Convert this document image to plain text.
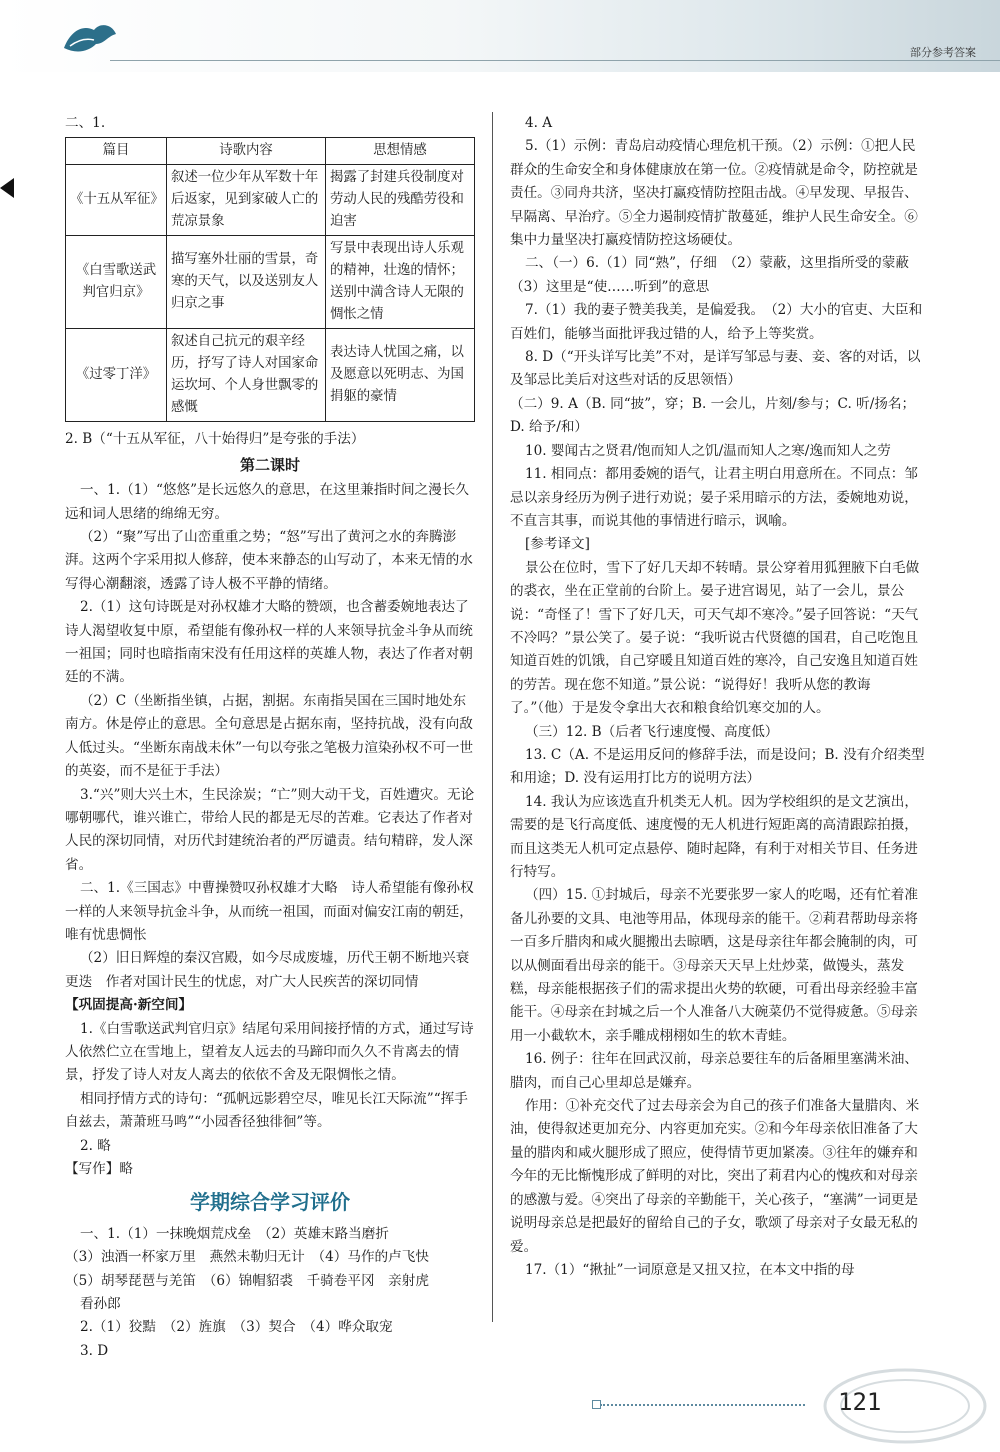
部分参考答案

二、1.

篇目	诗歌内容	思想情感
《十五从军征》	叙述一位少年从军数十年后返家，见到家破人亡的荒凉景象	揭露了封建兵役制度对劳动人民的残酷劳役和迫害
《白雪歌送武判官归京》	描写塞外壮丽的雪景，奇寒的天气，以及送别友人归京之事	写景中表现出诗人乐观的精神，壮逸的情怀；送别中満含诗人无限的惆怅之情
《过零丁洋》	叙述自己抗元的艰辛经历，抒写了诗人对国家命运坎坷、个人身世飘零的感慨	表达诗人忧国之痛，以及愿意以死明志、为国捐躯的豪情

2. B（“十五从军征，八十始得归”是夸张的手法）

第二课时

一、1.（1）“悠悠”是长远悠久的意思，在这里兼指时间之漫长久远和词人思绪的绵绵无穷。

（2）“聚”写出了山峦重重之势；“怒”写出了黄河之水的奔腾澎湃。这两个字采用拟人修辞，使本来静态的山写动了，本来无情的水写得心潮翻滚，透露了诗人极不平静的情绪。

2.（1）这句诗既是对孙权雄才大略的赞颂，也含蓄委婉地表达了诗人渴望收复中原，希望能有像孙权一样的人来领导抗金斗争从而统一祖国；同时也暗指南宋没有任用这样的英雄人物，表达了作者对朝廷的不满。

（2）C（坐断指坐镇，占据，割据。东南指吴国在三国时地处东南方。休是停止的意思。全句意思是占据东南，坚持抗战，没有向敌人低过头。“坐断东南战未休”一句以夸张之笔极力渲染孙权不可一世的英姿，而不是征于手法）

3.“兴”则大兴土木，生民涂炭；“亡”则大动干戈，百姓遭灾。无论哪朝哪代，谁兴谁亡，带给人民的都是无尽的苦难。它表达了作者对人民的深切同情，对历代封建统治者的严厉谴责。结句精辟，发人深省。

二、1.《三国志》中曹操赞叹孙权雄才大略　诗人希望能有像孙权一样的人来领导抗金斗争，从而统一祖国，而面对偏安江南的朝廷，唯有忧患惆怅

（2）旧日辉煌的秦汉宫殿，如今尽成废墟，历代王朝不断地兴衰更迭　作者对国计民生的忧虑，对广大人民疾苦的深切同情

【巩固提高·新空间】

1.《白雪歌送武判官归京》结尾句采用间接抒情的方式，通过写诗人依然伫立在雪地上，望着友人远去的马蹄印而久久不肯离去的情景，抒发了诗人对友人离去的依依不舍及无限惆怅之情。

相同抒情方式的诗句：“孤帆远影碧空尽，唯见长江天际流”“挥手自兹去，萧萧班马鸣”“小园香径独徘徊”等。

2. 略

【写作】略

学期综合学习评价

一、1.（1）一抹晚烟荒戍垒　（2）英雄末路当磨折

（3）浊酒一杯家万里　燕然未勒归无计　（4）马作的卢飞快

（5）胡琴琵琶与羌笛　（6）锦帽貂裘　千骑卷平冈　亲射虎

看孙郎

2.（1）狡黠　（2）旌旗　（3）契合　（4）哗众取宠

3. D

4. A

5.（1）示例：青岛启动疫情心理危机干预。（2）示例：①把人民群众的生命安全和身体健康放在第一位。②疫情就是命令，防控就是责任。③同舟共济，坚决打赢疫情防控阻击战。④早发现、早报告、早隔离、早治疗。⑤全力遏制疫情扩散蔓延，维护人民生命安全。⑥集中力量坚决打赢疫情防控这场硬仗。

二、（一）6.（1）同“熟”，仔细　（2）蒙蔽，这里指所受的蒙蔽　（3）这里是“使……听到”的意思

7.（1）我的妻子赞美我美，是偏爱我。　（2）大小的官吏、大臣和百姓们，能够当面批评我过错的人，给予上等奖赏。

8. D（“开头详写比美”不对，是详写邹忌与妻、妾、客的对话，以及邹忌比美后对这些对话的反思领悟）

（二）9. A（B. 同“披”，穿；B. 一会儿，片刻/参与；C. 听/扬名；D. 给予/和）

10. 婴闻古之贤君/饱而知人之饥/温而知人之寒/逸而知人之劳

11. 相同点：都用委婉的语气，让君主明白用意所在。不同点：邹忌以亲身经历为例子进行劝说；晏子采用暗示的方法，委婉地劝说，不直言其事，而说其他的事情进行暗示，讽喻。

[参考译文]

景公在位时，雪下了好几天却不转晴。景公穿着用狐狸腋下白毛做的裘衣，坐在正堂前的台阶上。晏子进宫谒见，站了一会儿，景公说：“奇怪了！雪下了好几天，可天气却不寒冷。”晏子回答说：“天气不冷吗？”景公笑了。晏子说：“我听说古代贤德的国君，自己吃饱且知道百姓的饥饿，自己穿暖且知道百姓的寒冷，自己安逸且知道百姓的劳苦。现在您不知道。”景公说：“说得好！我听从您的教诲了。”（他）于是发令拿出大衣和粮食给饥寒交加的人。

（三）12. B（后者飞行速度慢、高度低）

13. C（A. 不是运用反问的修辞手法，而是设问；B. 没有介绍类型和用途；D. 没有运用打比方的说明方法）

14. 我认为应该选直升机类无人机。因为学校组织的是文艺演出，需要的是飞行高度低、速度慢的无人机进行短距离的高清跟踪拍摄，而且这类无人机可定点悬停、随时起降，有利于对相关节目、任务进行特写。

（四）15. ①封城后，母亲不光要张罗一家人的吃喝，还有忙着准备儿孙要的文具、电池等用品，体现母亲的能干。②莉君帮助母亲将一百多斤腊肉和咸火腿搬出去晾晒，这是母亲往年都会腌制的肉，可以从侧面看出母亲的能干。③母亲天天早上灶炒菜，做馒头，蒸发糕，母亲能根据孩子们的需求提出火势的软硬，可看出母亲经验丰富能干。④母亲在封城之后一个人准备八大碗菜仍不觉得疲惫。⑤母亲用一小截软木，亲手雕成栩栩如生的软木青蛙。

16. 例子：往年在回武汉前，母亲总要往车的后备厢里塞满米油、腊肉，而自己心里却总是嫌弃。

作用：①补充交代了过去母亲会为自己的孩子们准备大量腊肉、米油，使得叙述更加充分、内容更加充实。②和今年母亲依旧准备了大量的腊肉和咸火腿形成了照应，使得情节更加紧凑。③往年的嫌弃和今年的无比惭愧形成了鲜明的对比，突出了莉君内心的愧疚和对母亲的感激与爱。④突出了母亲的辛勤能干，关心孩子，“塞满”一词更是说明母亲总是把最好的留给自己的子女，歌颂了母亲对子女最无私的爱。

17.（1）“揪扯”一词原意是又扭又拉，在本文中指的母

121
